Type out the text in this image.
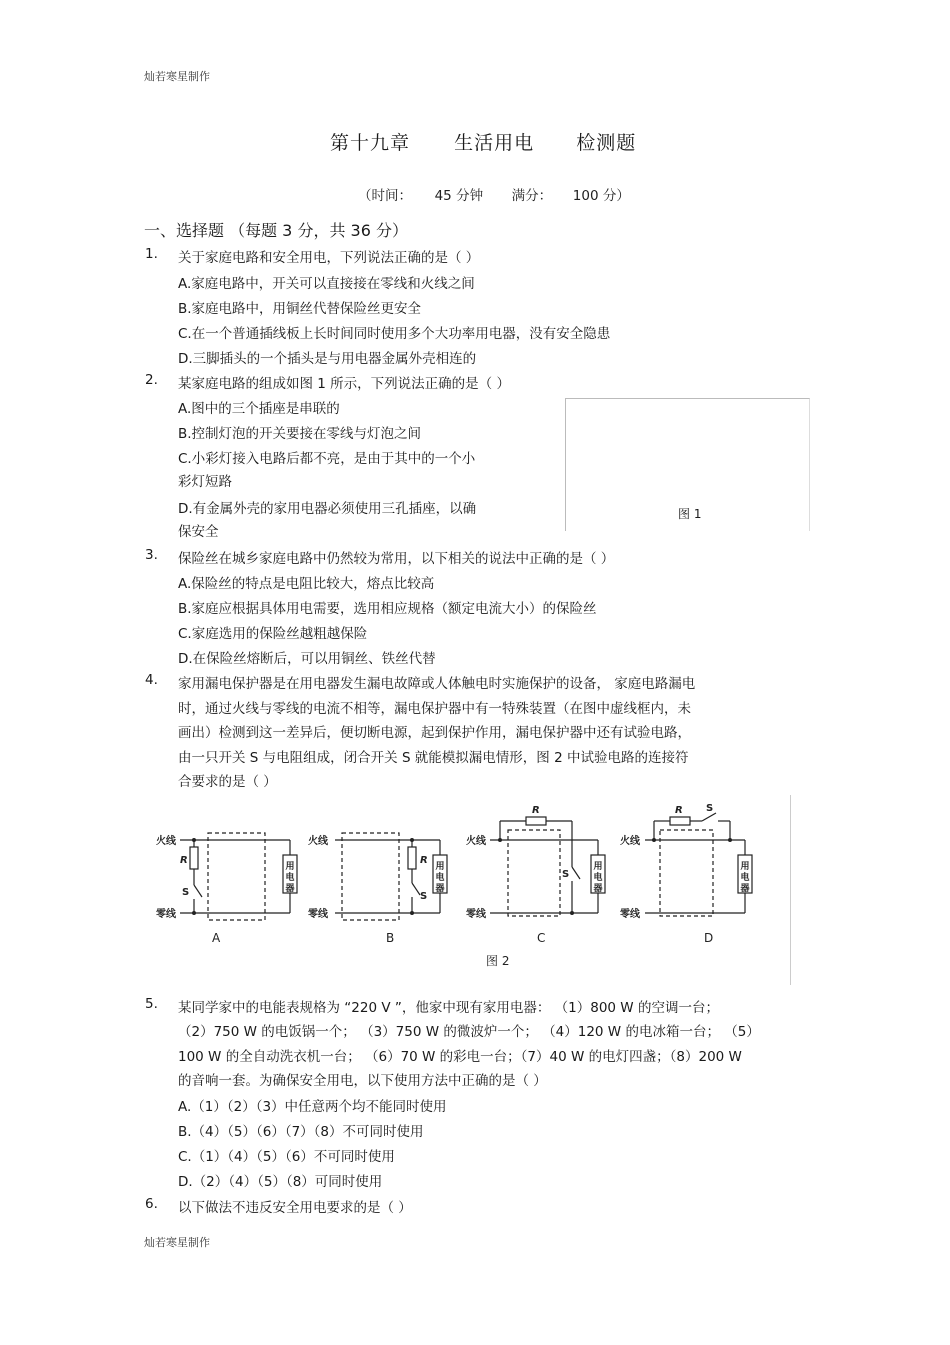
灿若寒星制作
第十九章 生活用电 检测题
（时间： 45 分钟 满分： 100 分）
一、选择题 （每题 3 分，共 36 分）
1. 关于家庭电路和安全用电，下列说法正确的是（ ）
A.家庭电路中，开关可以直接接在零线和火线之间
B.家庭电路中，用铜丝代替保险丝更安全
C.在一个普通插线板上长时间同时使用多个大功率用电器，没有安全隐患
D.三脚插头的一个插头是与用电器金属外壳相连的
2. 某家庭电路的组成如图 1 所示，下列说法正确的是（ ）
A.图中的三个插座是串联的
B.控制灯泡的开关要接在零线与灯泡之间
C.小彩灯接入电路后都不亮，是由于其中的一个小
彩灯短路
D.有金属外壳的家用电器必须使用三孔插座，以确
保安全
图 1
3. 保险丝在城乡家庭电路中仍然较为常用，以下相关的说法中正确的是（ ）
A.保险丝的特点是电阻比较大，熔点比较高
B.家庭应根据具体用电需要，选用相应规格（额定电流大小）的保险丝
C.家庭选用的保险丝越粗越保险
D.在保险丝熔断后，可以用铜丝、铁丝代替
4. 家用漏电保护器是在用电器发生漏电故障或人体触电时实施保护的设备， 家庭电路漏电
时，通过火线与零线的电流不相等，漏电保护器中有一特殊装置（在图中虚线框内，未
画出）检测到这一差异后，便切断电源，起到保护作用，漏电保护器中还有试验电路，
由一只开关 S 与电阻组成，闭合开关 S 就能模拟漏电情形，图 2 中试验电路的连接符
合要求的是（ ）
火线
零线
R
S
火线
零线
R
S
火线
零线
R
S
火线
零线
R S
用电器
用电器
用电器
用电器
A	B	C	D
图 2
5. 某同学家中的电能表规格为 “220 V ”，他家中现有家用电器： （1）800 W 的空调一台；
（2）750 W 的电饭锅一个； （3）750 W 的微波炉一个； （4）120 W 的电冰箱一台； （5）
100 W 的全自动洗衣机一台； （6）70 W 的彩电一台；（7）40 W 的电灯四盏；（8）200 W
的音响一套。为确保安全用电，以下使用方法中正确的是（ ）
A.（1）（2）（3）中任意两个均不能同时使用
B.（4）（5）（6）（7）（8）不可同时使用
C.（1）（4）（5）（6）不可同时使用
D.（2）（4）（5）（8）可同时使用
6. 以下做法不违反安全用电要求的是（ ）
灿若寒星制作
